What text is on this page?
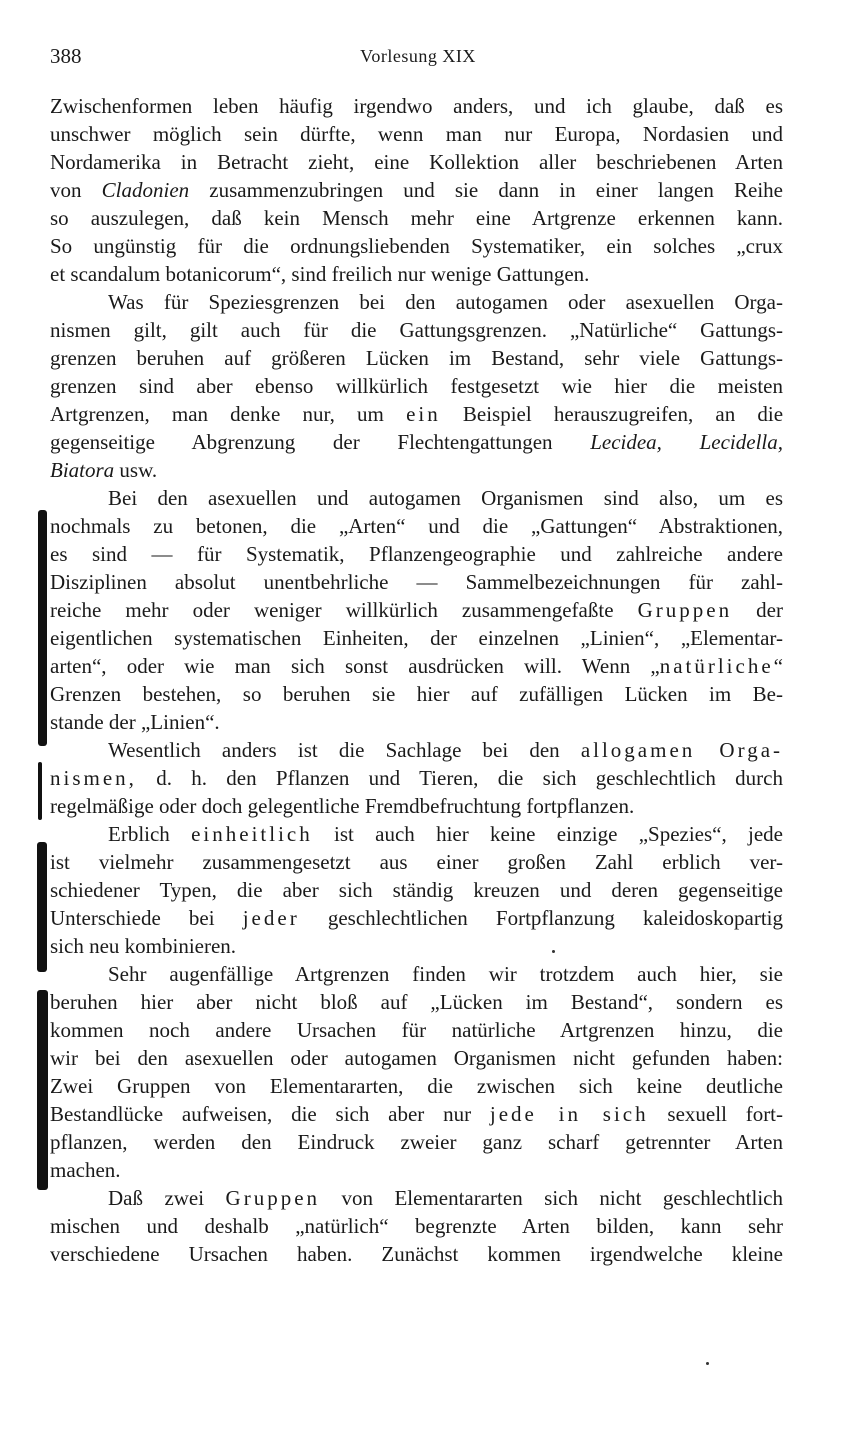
388	Vorlesung XIX
Zwischenformen leben häufig irgendwo anders, und ich glaube, daß es
unschwer möglich sein dürfte, wenn man nur Europa, Nordasien und
Nordamerika in Betracht zieht, eine Kollektion aller beschriebenen Arten
von Cladonien zusammenzubringen und sie dann in einer langen Reihe
so auszulegen, daß kein Mensch mehr eine Artgrenze erkennen kann.
So ungünstig für die ordnungsliebenden Systematiker, ein solches „crux
et scandalum botanicorum“, sind freilich nur wenige Gattungen.
Was für Speziesgrenzen bei den autogamen oder asexuellen Orga-
nismen gilt, gilt auch für die Gattungsgrenzen. „Natürliche“ Gattungs-
grenzen beruhen auf größeren Lücken im Bestand, sehr viele Gattungs-
grenzen sind aber ebenso willkürlich festgesetzt wie hier die meisten
Artgrenzen, man denke nur, um ein Beispiel herauszugreifen, an die
gegenseitige Abgrenzung der Flechtengattungen Lecidea, Lecidella,
Biatora usw.
Bei den asexuellen und autogamen Organismen sind also, um es
nochmals zu betonen, die „Arten“ und die „Gattungen“ Abstraktionen,
es sind — für Systematik, Pflanzengeographie und zahlreiche andere
Disziplinen absolut unentbehrliche — Sammelbezeichnungen für zahl-
reiche mehr oder weniger willkürlich zusammengefaßte Gruppen der
eigentlichen systematischen Einheiten, der einzelnen „Linien“, „Elementar-
arten“, oder wie man sich sonst ausdrücken will. Wenn „natürliche“
Grenzen bestehen, so beruhen sie hier auf zufälligen Lücken im Be-
stande der „Linien“.
Wesentlich anders ist die Sachlage bei den allogamen Orga-
nismen, d. h. den Pflanzen und Tieren, die sich geschlechtlich durch
regelmäßige oder doch gelegentliche Fremdbefruchtung fortpflanzen.
Erblich einheitlich ist auch hier keine einzige „Spezies“, jede
ist vielmehr zusammengesetzt aus einer großen Zahl erblich ver-
schiedener Typen, die aber sich ständig kreuzen und deren gegenseitige
Unterschiede bei jeder geschlechtlichen Fortpflanzung kaleidoskopartig
sich neu kombinieren.
Sehr augenfällige Artgrenzen finden wir trotzdem auch hier, sie
beruhen hier aber nicht bloß auf „Lücken im Bestand“, sondern es
kommen noch andere Ursachen für natürliche Artgrenzen hinzu, die
wir bei den asexuellen oder autogamen Organismen nicht gefunden haben:
Zwei Gruppen von Elementararten, die zwischen sich keine deutliche
Bestandlücke aufweisen, die sich aber nur jede in sich sexuell fort-
pflanzen, werden den Eindruck zweier ganz scharf getrennter Arten
machen.
Daß zwei Gruppen von Elementararten sich nicht geschlechtlich
mischen und deshalb „natürlich“ begrenzte Arten bilden, kann sehr
verschiedene Ursachen haben. Zunächst kommen irgendwelche kleine
